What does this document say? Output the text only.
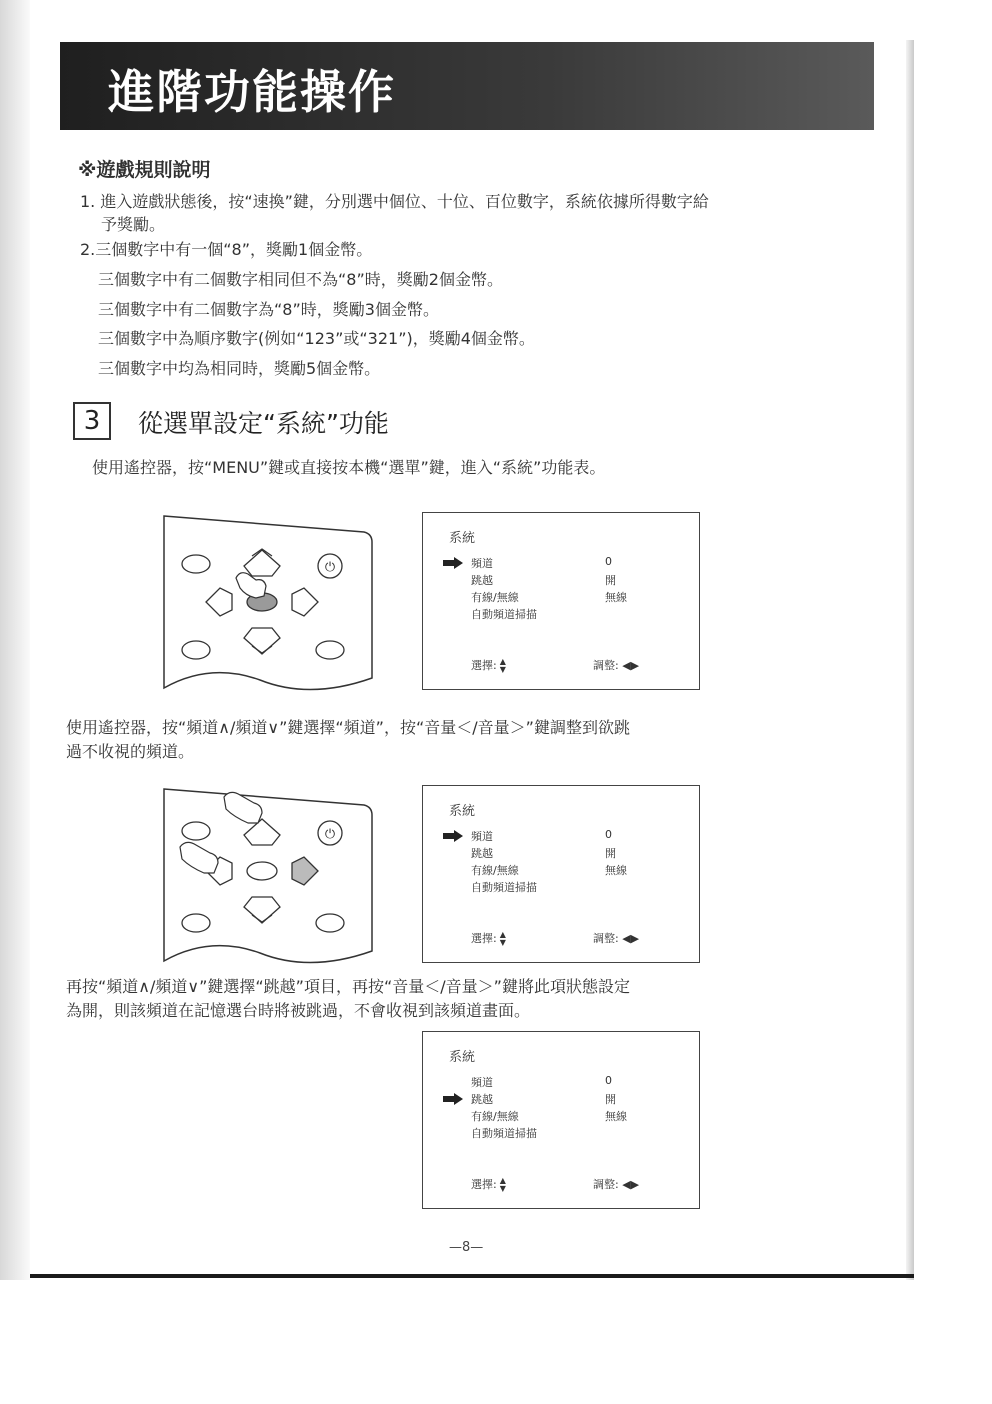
進階功能操作
※遊戲規則說明
1. 進入遊戲狀態後，按“速換”鍵，分別選中個位、十位、百位數字，系統依據所得數字給
予獎勵。
2.三個數字中有一個“8”，獎勵1個金幣。
三個數字中有二個數字相同但不為“8”時，獎勵2個金幣。
三個數字中有二個數字為“8”時，獎勵3個金幣。
三個數字中為順序數字(例如“123”或“321”)，獎勵4個金幣。
三個數字中均為相同時，獎勵5個金幣。
3	從選單設定“系統”功能
使用遙控器，按“MENU”鍵或直接按本機“選單”鍵，進入“系統”功能表。
⏻
系統
頻道	0
跳越	開
有線/無線	無線
自動頻道掃描
選擇: ▲
▼	調整: ◀▶
使用遙控器，按“頻道∧/頻道∨”鍵選擇“頻道”，按“音量＜/音量＞”鍵調整到欲跳
過不收視的頻道。
⏻
系統
頻道	0
跳越	開
有線/無線	無線
自動頻道掃描
選擇: ▲
▼	調整: ◀▶
再按“頻道∧/頻道∨”鍵選擇“跳越”項目，再按“音量＜/音量＞”鍵將此項狀態設定
為開，則該頻道在記憶選台時將被跳過，不會收視到該頻道畫面。
系統
頻道	0
跳越	開
有線/無線	無線
自動頻道掃描
選擇: ▲
▼	調整: ◀▶
—8—
